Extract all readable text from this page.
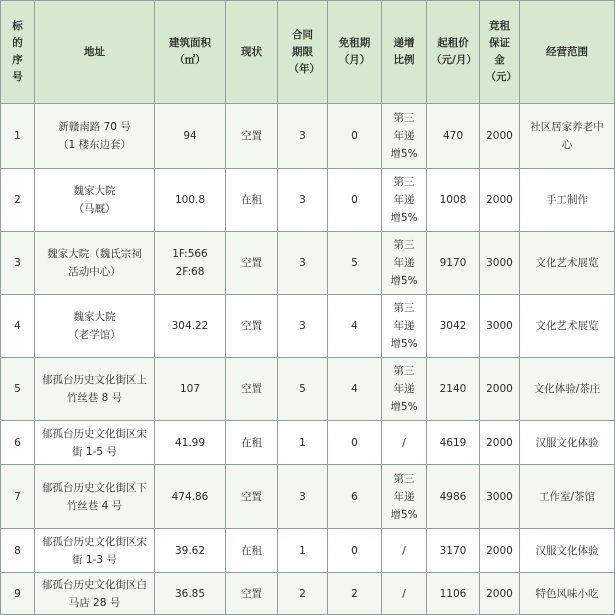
标的序号	地址	建筑面积（㎡）	现状	合同期限（年）	免租期（月）	递增比例	起租价（元/月）	竞租保证金（元）	经营范围
1	新赣南路 70 号（1 楼东边套）	94	空置	3	0	第三年递增5%	470	2000	社区居家养老中心

2	魏家大院（马厩）	100.8	在租	3	0	第三年递增5%	1008	2000	手工制作
3	魏家大院（魏氏宗祠活动中心）	1F:566 2F:68	空置	3	5	第三年递增5%	9170	3000	文化艺术展览
4	魏家大院（老学馆）	304.22	空置	3	4	第三年递增5%	3042	3000	文化艺术展览
5	郁孤台历史文化街区上竹丝巷 8 号	107	空置	5	4	第三年递增5%	2140	2000	文化体验/茶庄
6	郁孤台历史文化街区宋街 1-5 号	41.99	在租	1	0	/	4619	2000	汉服文化体验
7	郁孤台历史文化街区下竹丝巷 4 号	474.86	空置	3	6	第三年递增5%	4986	3000	工作室/茶馆
8	郁孤台历史文化街区宋街 1-3 号	39.62	在租	1	0	/	3170	2000	汉服文化体验
9	郁孤台历史文化街区白马店 28 号	36.85	空置	2	2	/	1106	2000	特色风味小吃
